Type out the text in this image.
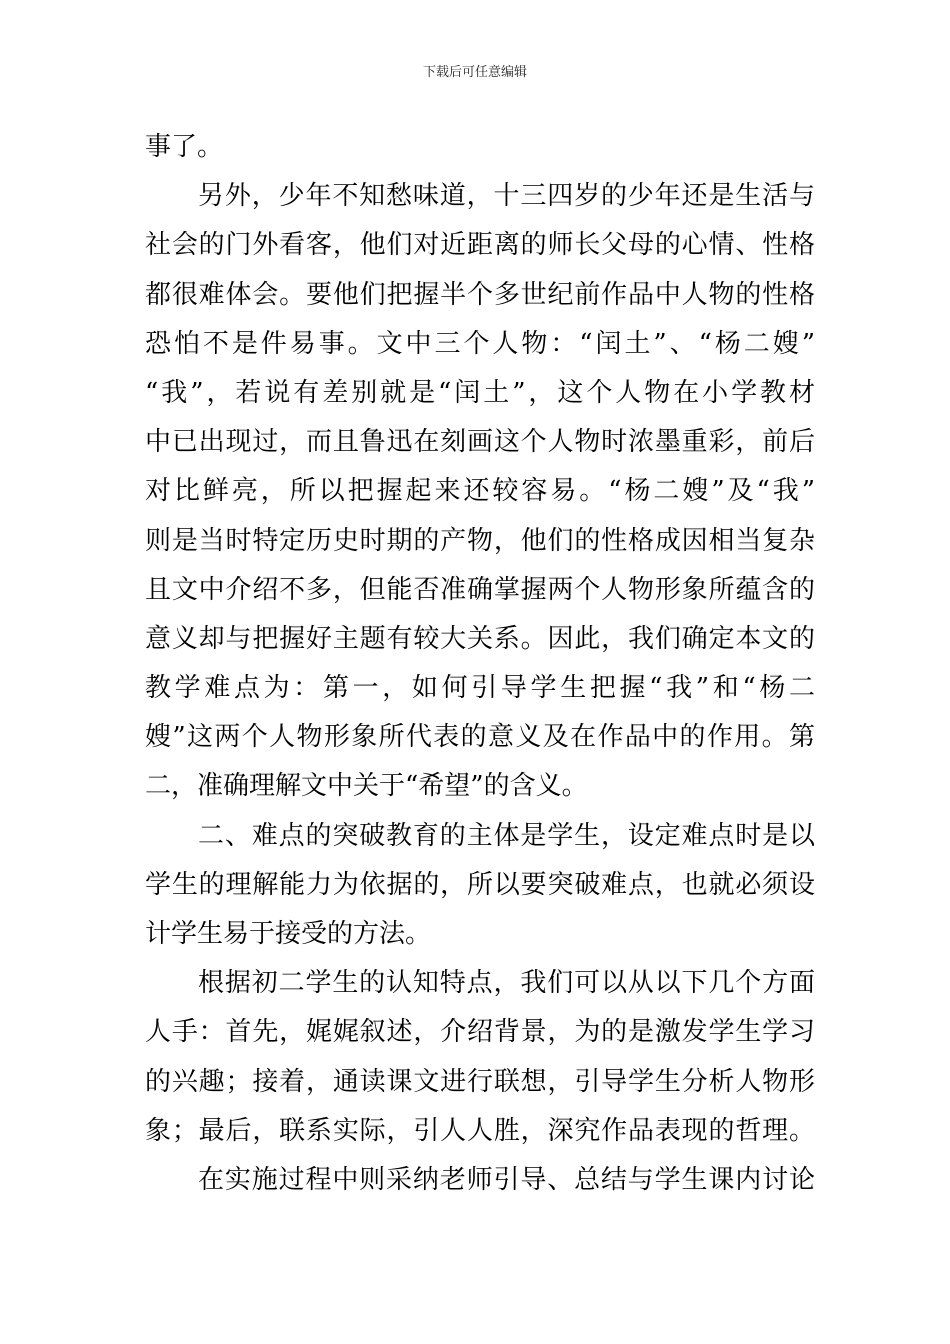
下载后可任意编辑
事了。
另外，少年不知愁味道，十三四岁的少年还是生活与
社会的门外看客，他们对近距离的师长父母的心情、性格
都很难体会。要他们把握半个多世纪前作品中人物的性格
恐怕不是件易事。文中三个人物：“闰土”、“杨二嫂”
“我”，若说有差别就是“闰土”，这个人物在小学教材
中已出现过，而且鲁迅在刻画这个人物时浓墨重彩，前后
对比鲜亮，所以把握起来还较容易。“杨二嫂”及“我”
则是当时特定历史时期的产物，他们的性格成因相当复杂
且文中介绍不多，但能否准确掌握两个人物形象所蕴含的
意义却与把握好主题有较大关系。因此，我们确定本文的
教学难点为：第一，如何引导学生把握“我”和“杨二
嫂”这两个人物形象所代表的意义及在作品中的作用。第
二，准确理解文中关于“希望”的含义。
二、难点的突破教育的主体是学生，设定难点时是以
学生的理解能力为依据的，所以要突破难点，也就必须设
计学生易于接受的方法。
根据初二学生的认知特点，我们可以从以下几个方面
人手：首先，娓娓叙述，介绍背景，为的是激发学生学习
的兴趣；接着，通读课文进行联想，引导学生分析人物形
象；最后，联系实际，引人人胜，深究作品表现的哲理。
在实施过程中则采纳老师引导、总结与学生课内讨论
